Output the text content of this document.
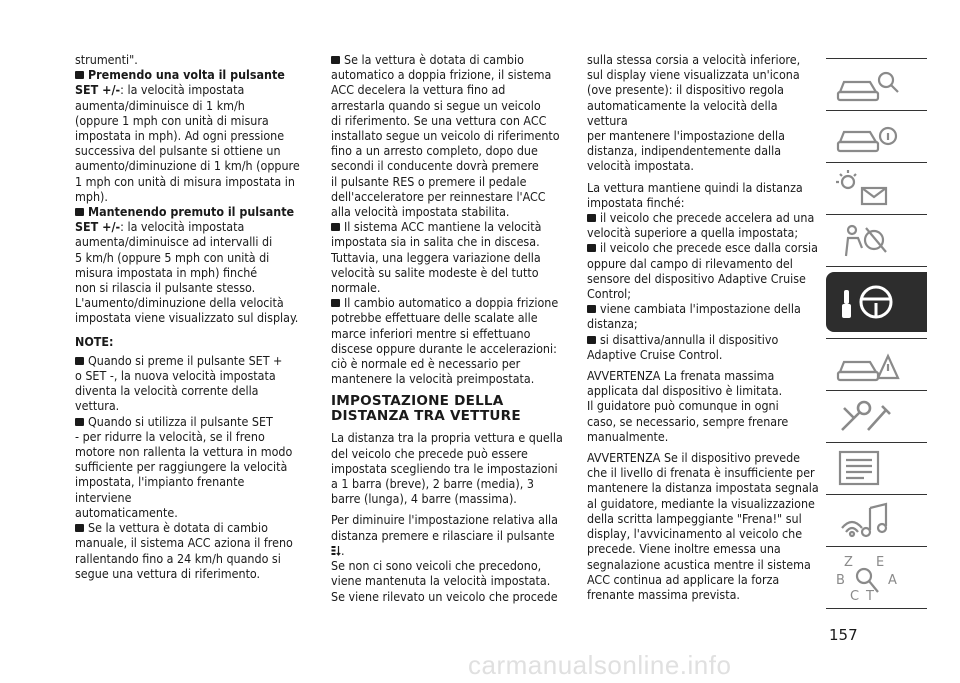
strumenti".

Premendo una volta il pulsante
SET +/-: la velocità impostata
aumenta/diminuisce di 1 km/h
(oppure 1 mph con unità di misura
impostata in mph). Ad ogni pressione
successiva del pulsante si ottiene un
aumento/diminuzione di 1 km/h (oppure
1 mph con unità di misura impostata in
mph).

Mantenendo premuto il pulsante
SET +/-: la velocità impostata
aumenta/diminuisce ad intervalli di
5 km/h (oppure 5 mph con unità di
misura impostata in mph) finché
non si rilascia il pulsante stesso.
L'aumento/diminuzione della velocità
impostata viene visualizzato sul display.

NOTE:

Quando si preme il pulsante SET +
o SET -, la nuova velocità impostata
diventa la velocità corrente della vettura.

Quando si utilizza il pulsante SET
- per ridurre la velocità, se il freno
motore non rallenta la vettura in modo
sufficiente per raggiungere la velocità
impostata, l'impianto frenante interviene
automaticamente.

Se la vettura è dotata di cambio
manuale, il sistema ACC aziona il freno
rallentando fino a 24 km/h quando si
segue una vettura di riferimento.

Se la vettura è dotata di cambio
automatico a doppia frizione, il sistema
ACC decelera la vettura fino ad
arrestarla quando si segue un veicolo
di riferimento. Se una vettura con ACC
installato segue un veicolo di riferimento
fino a un arresto completo, dopo due
secondi il conducente dovrà premere
il pulsante RES o premere il pedale
dell'acceleratore per reinnestare l'ACC
alla velocità impostata stabilita.

Il sistema ACC mantiene la velocità
impostata sia in salita che in discesa.
Tuttavia, una leggera variazione della
velocità su salite modeste è del tutto
normale.

Il cambio automatico a doppia frizione
potrebbe effettuare delle scalate alle
marce inferiori mentre si effettuano
discese oppure durante le accelerazioni:
ciò è normale ed è necessario per
mantenere la velocità preimpostata.

IMPOSTAZIONE DELLA
DISTANZA TRA VETTURE

La distanza tra la propria vettura e quella
del veicolo che precede può essere
impostata scegliendo tra le impostazioni
a 1 barra (breve), 2 barre (media), 3
barre (lunga), 4 barre (massima).

Per diminuire l'impostazione relativa alla
distanza premere e rilasciare il pulsante
.

Se non ci sono veicoli che precedono,
viene mantenuta la velocità impostata.
Se viene rilevato un veicolo che procede

sulla stessa corsia a velocità inferiore,
sul display viene visualizzata un'icona
(ove presente): il dispositivo regola
automaticamente la velocità della vettura
per mantenere l'impostazione della
distanza, indipendentemente dalla
velocità impostata.

La vettura mantiene quindi la distanza
impostata finché:

il veicolo che precede accelera ad una
velocità superiore a quella impostata;

il veicolo che precede esce dalla corsia
oppure dal campo di rilevamento del
sensore del dispositivo Adaptive Cruise
Control;

viene cambiata l'impostazione della
distanza;

si disattiva/annulla il dispositivo
Adaptive Cruise Control.

AVVERTENZA La frenata massima
applicata dal dispositivo è limitata.
Il guidatore può comunque in ogni
caso, se necessario, sempre frenare
manualmente.

AVVERTENZA Se il dispositivo prevede
che il livello di frenata è insufficiente per
mantenere la distanza impostata segnala
al guidatore, mediante la visualizzazione
della scritta lampeggiante "Frena!" sul
display, l'avvicinamento al veicolo che
precede. Viene inoltre emessa una
segnalazione acustica mentre il sistema
ACC continua ad applicare la forza
frenante massima prevista.

Z E
B	A
C T
157
carmanualsonline.info
